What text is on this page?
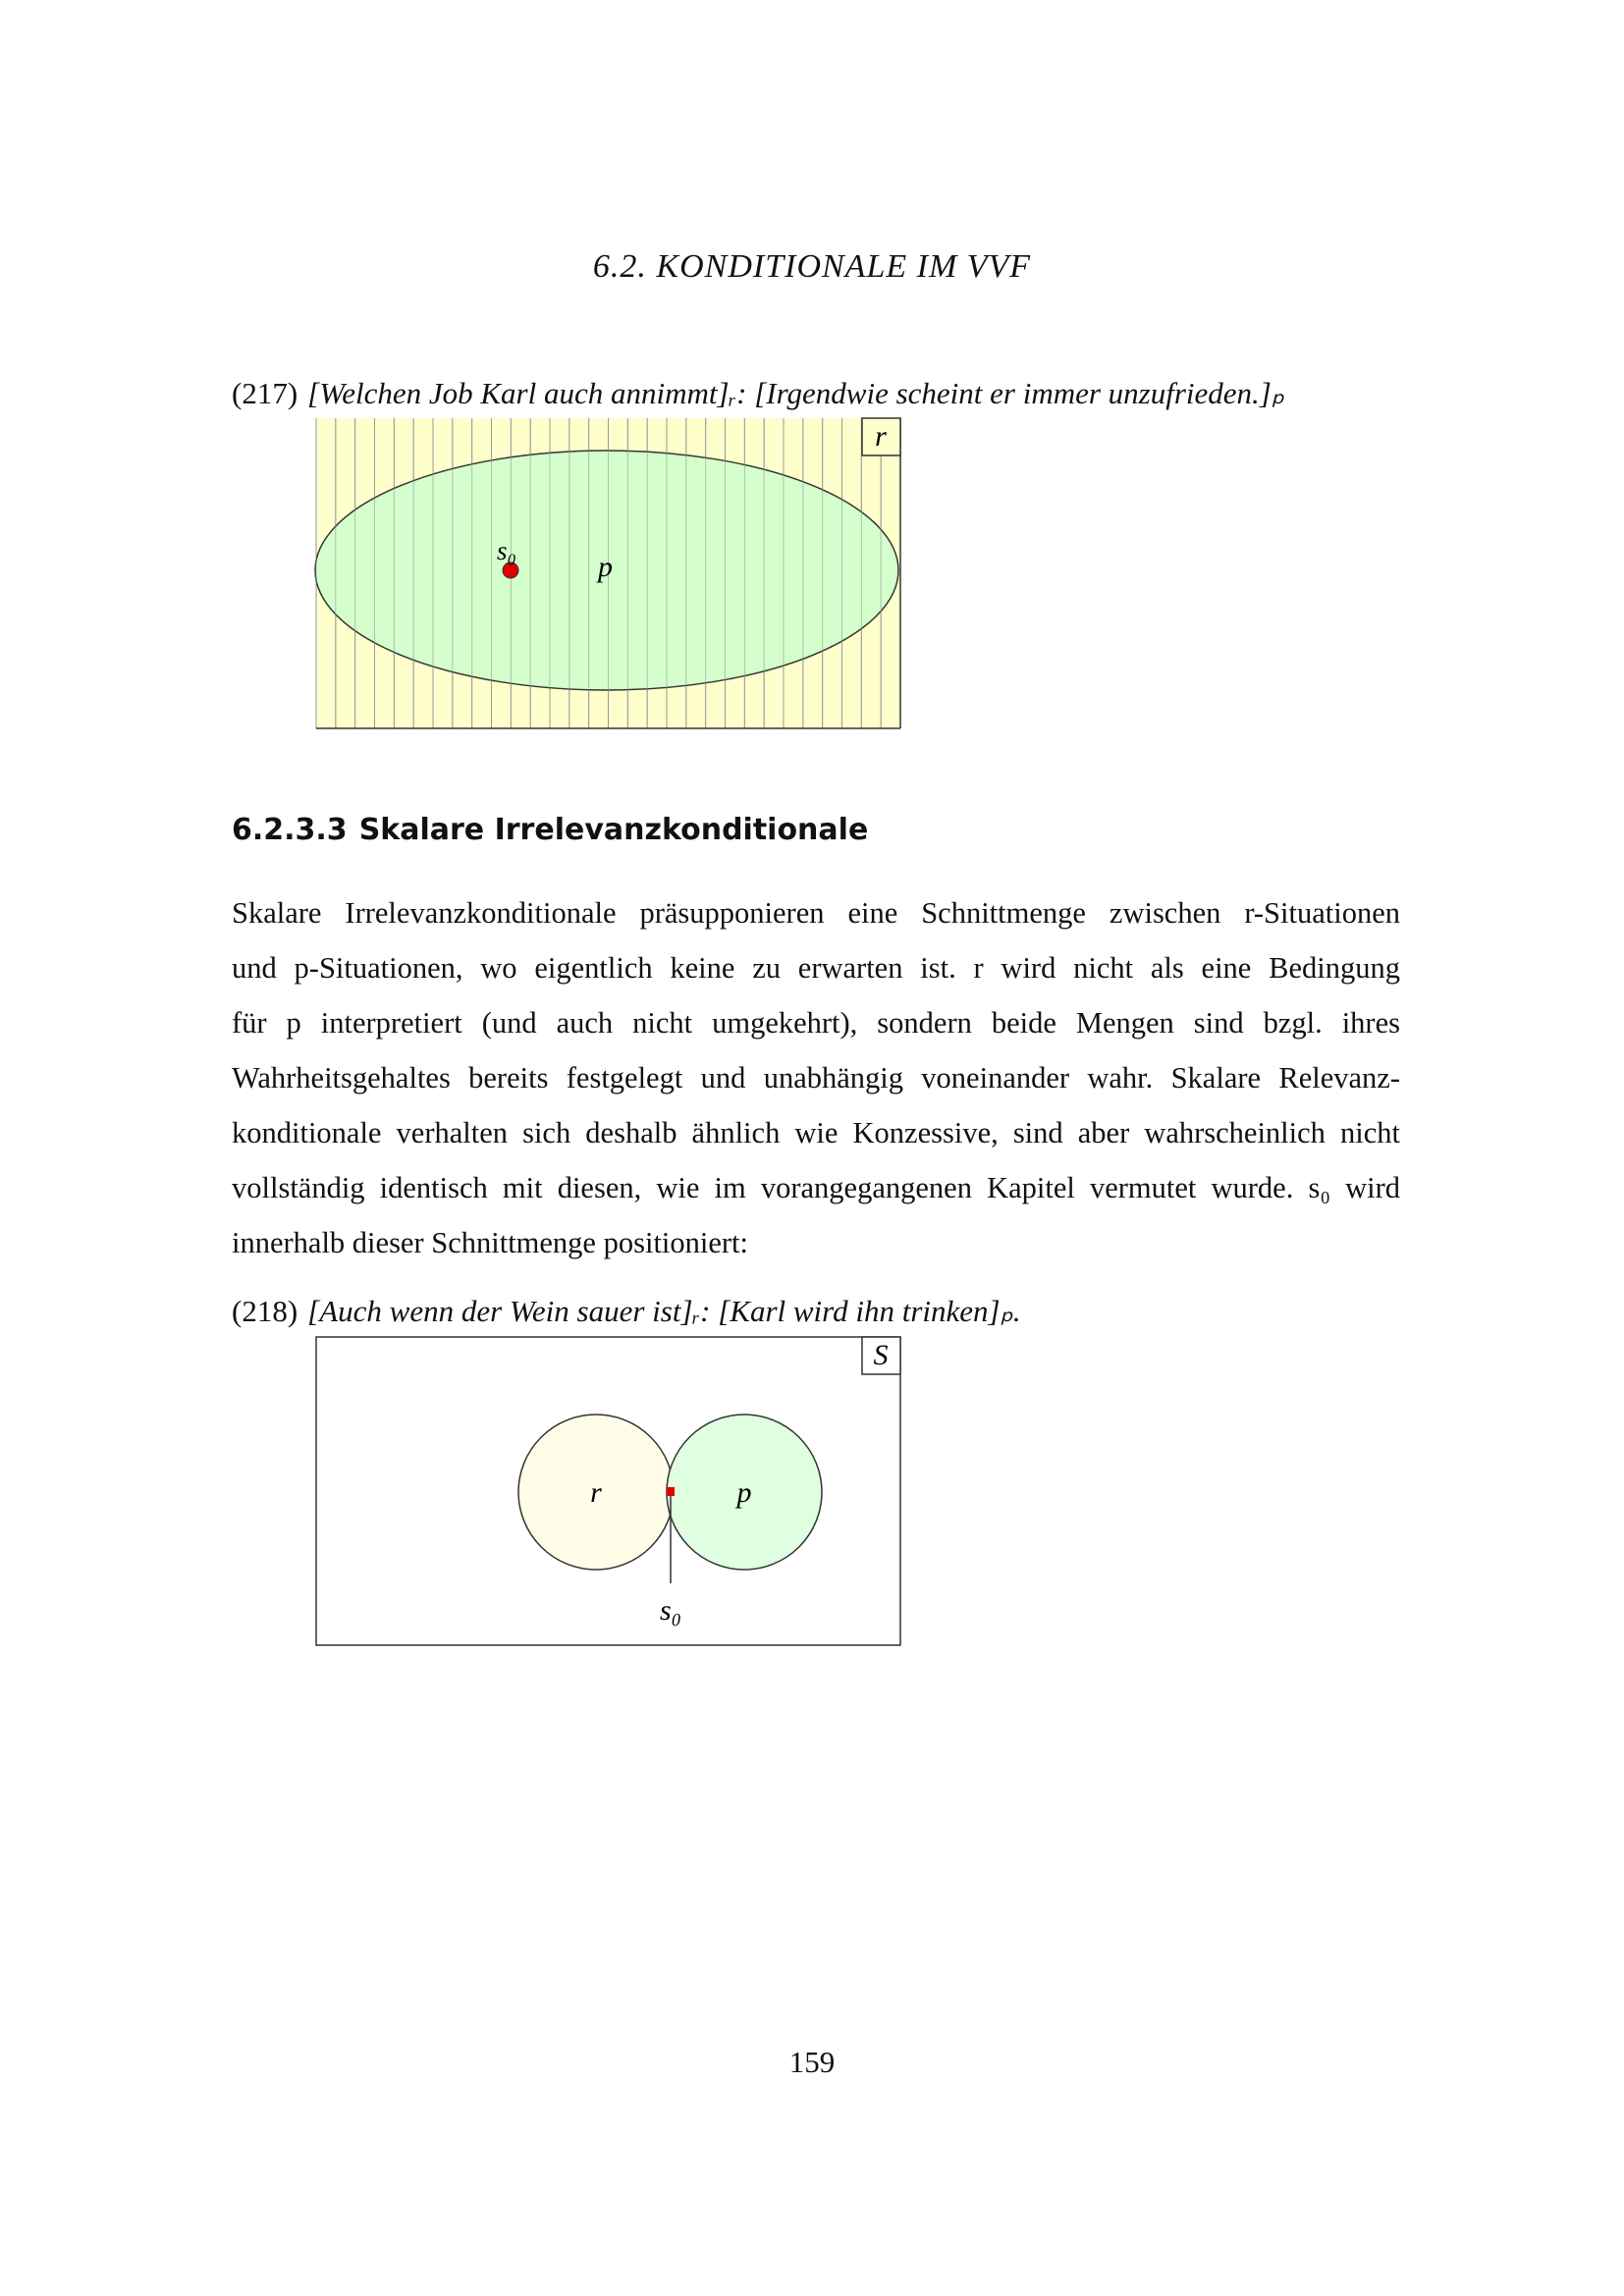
6.2. KONDITIONALE IM VVF
(217) [Welchen Job Karl auch annimmt]ᵣ: [Irgendwie scheint er immer unzufrieden.]ₚ
r
s₀	p
6.2.3.3 Skalare Irrelevanzkonditionale
Skalare Irrelevanzkonditionale präsupponieren eine Schnittmenge zwischen r-Situationen
und p-Situationen, wo eigentlich keine zu erwarten ist. r wird nicht als eine Bedingung
für p interpretiert (und auch nicht umgekehrt), sondern beide Mengen sind bzgl. ihres
Wahrheitsgehaltes bereits festgelegt und unabhängig voneinander wahr. Skalare Relevanz-
konditionale verhalten sich deshalb ähnlich wie Konzessive, sind aber wahrscheinlich nicht
vollständig identisch mit diesen, wie im vorangegangenen Kapitel vermutet wurde. s₀ wird
innerhalb dieser Schnittmenge positioniert:
(218) [Auch wenn der Wein sauer ist]ᵣ: [Karl wird ihn trinken]ₚ.
S
r	p
s₀
159
